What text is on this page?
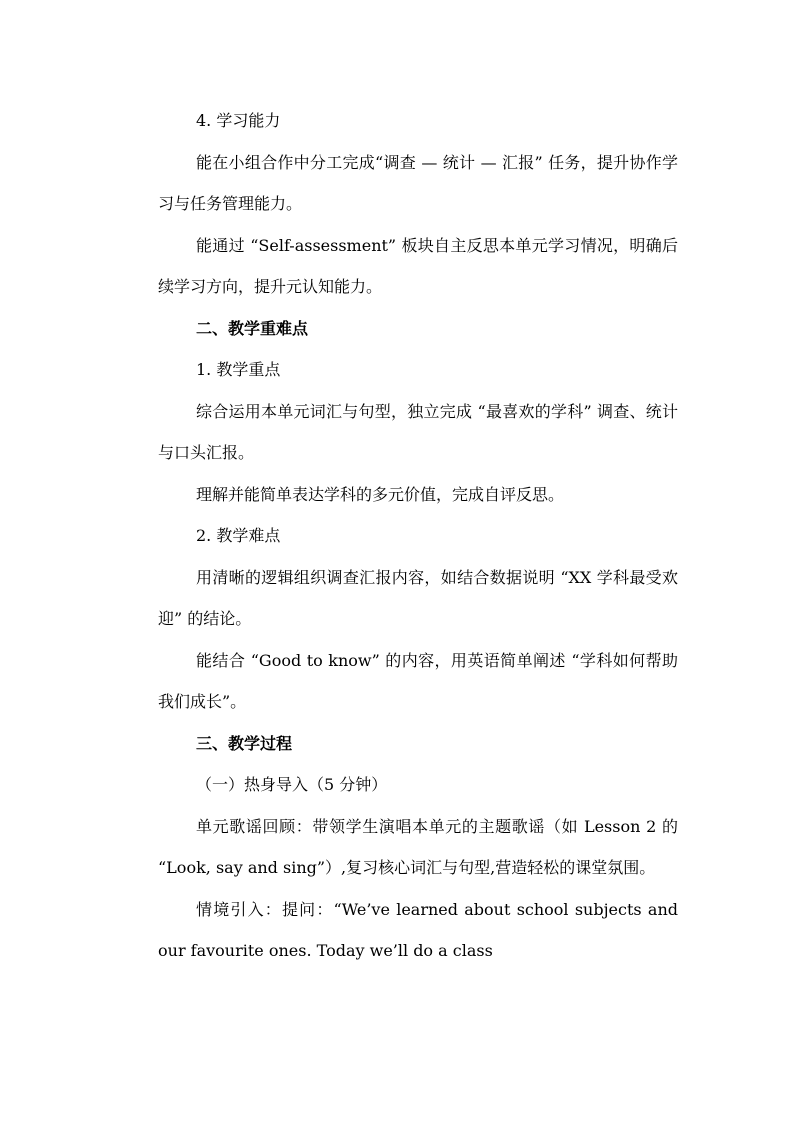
4. 学习能力

能在小组合作中分工完成“调查 — 统计 — 汇报” 任务，提升协作学习与任务管理能力。

能通过 “Self-assessment” 板块自主反思本单元学习情况，明确后续学习方向，提升元认知能力。

二、教学重难点

1. 教学重点

综合运用本单元词汇与句型，独立完成 “最喜欢的学科” 调查、统计与口头汇报。

理解并能简单表达学科的多元价值，完成自评反思。

2. 教学难点

用清晰的逻辑组织调查汇报内容，如结合数据说明 “XX 学科最受欢迎” 的结论。

能结合 “Good to know” 的内容，用英语简单阐述 “学科如何帮助我们成长”。

三、教学过程

（一）热身导入（5 分钟）

单元歌谣回顾：带领学生演唱本单元的主题歌谣（如 Lesson 2 的 “Look, say and sing”）,复习核心词汇与句型,营造轻松的课堂氛围。

情境引入：提问：“We’ve learned about school subjects and our favourite ones. Today we’ll do a class
